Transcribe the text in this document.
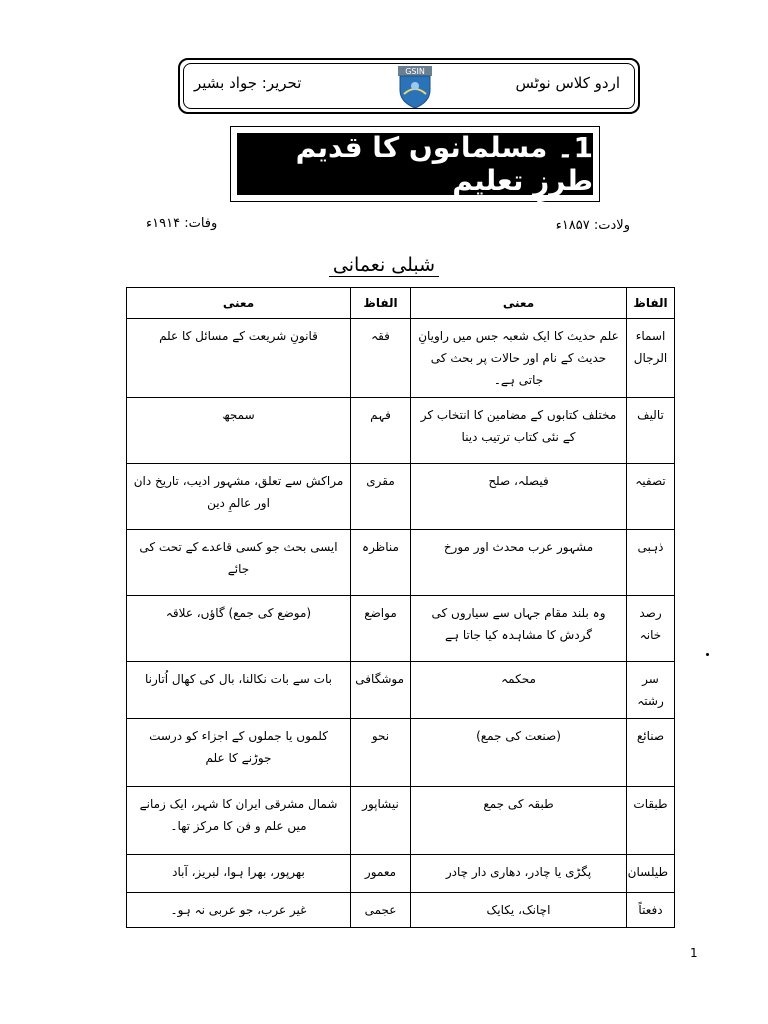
اردو کلاس نوٹس
GSIN
تحریر: جواد بشیر
1۔ مسلمانوں کا قدیم طرزِ تعلیم
ولادت: ۱۸۵۷ء
وفات: ۱۹۱۴ء
شبلی نعمانی
الفاظ	معنی	الفاظ	معنی
اسماء الرجال	علم حدیث کا ایک شعبہ جس میں راویانِ حدیث کے نام اور حالات پر بحث کی جاتی ہے۔	فقہ	قانونِ شریعت کے مسائل کا علم
تالیف	مختلف کتابوں کے مضامین کا انتخاب کر کے نئی کتاب ترتیب دینا	فہم	سمجھ
تصفیہ	فیصلہ، صلح	مقری	مراکش سے تعلق، مشہور ادیب، تاریخ دان اور عالمِ دین
ذہبی	مشہور عرب محدث اور مورخ	مناظرہ	ایسی بحث جو کسی قاعدے کے تحت کی جائے
رصد خانہ	وہ بلند مقام جہاں سے سیاروں کی گردش کا مشاہدہ کیا جاتا ہے	مواضع	(موضع کی جمع) گاؤں، علاقہ
سر رشتہ	محکمہ	موشگافی	بات سے بات نکالنا، بال کی کھال اُتارنا
صنائع	(صنعت کی جمع)	نحو	کلموں یا جملوں کے اجزاء کو درست جوڑنے کا علم
طبقات	طبقہ کی جمع	نیشاپور	شمال مشرقی ایران کا شہر، ایک زمانے میں علم و فن کا مرکز تھا۔
طیلسان	پگڑی یا چادر، دھاری دار چادر	معمور	بھرپور، بھرا ہوا، لبریز، آباد
دفعتاً	اچانک، یکایک	عجمی	غیر عرب، جو عربی نہ ہو۔
1
